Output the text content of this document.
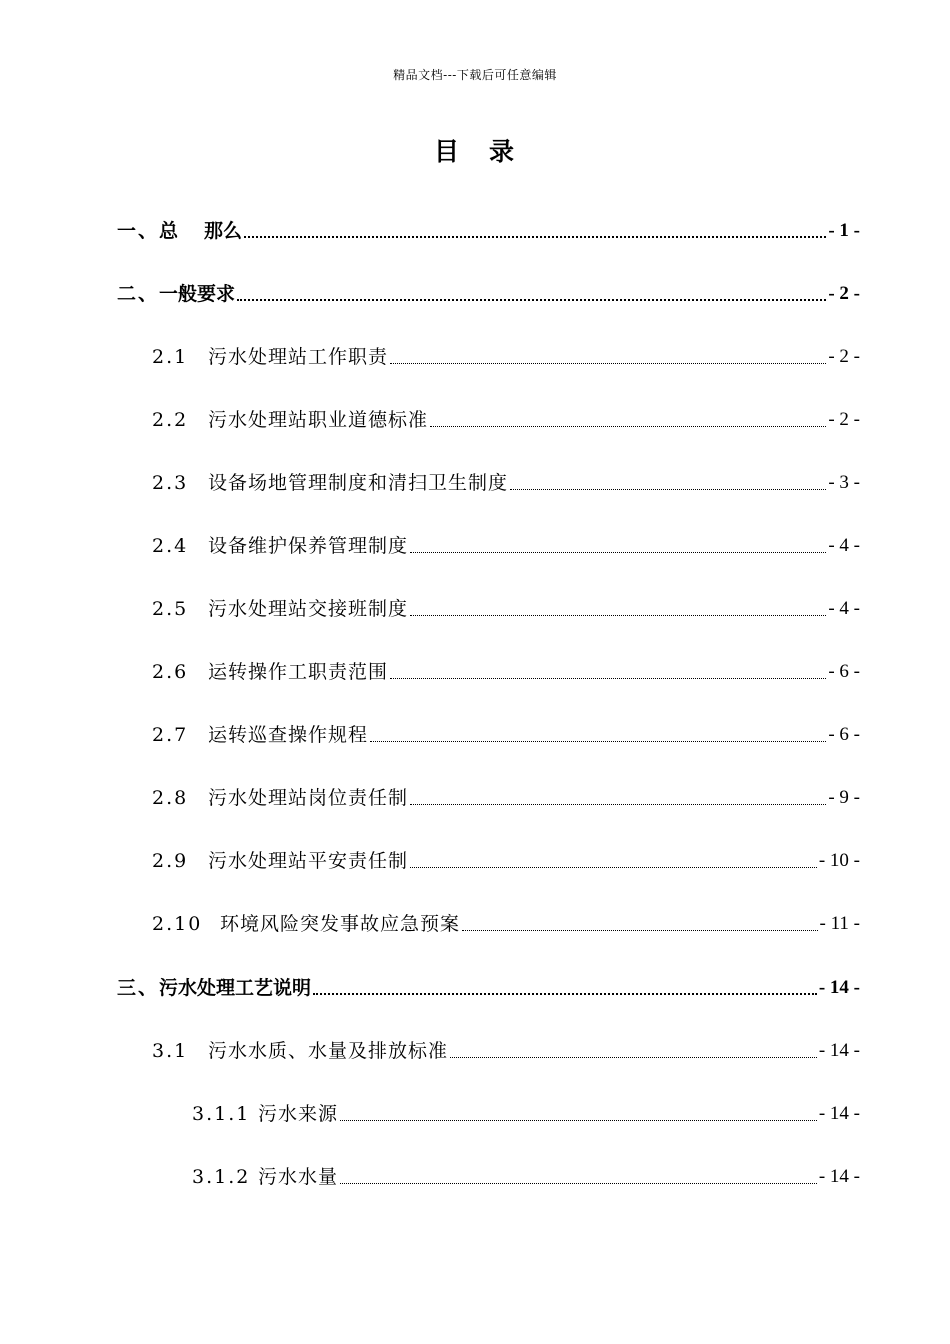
精品文档---下载后可任意编辑
目 录
一、 总 那么	- 1 -
二、 一般要求	- 2 -
2.1	污水处理站工作职责	- 2 -
2.2	污水处理站职业道德标准	- 2 -
2.3	设备场地管理制度和清扫卫生制度	- 3 -
2.4	设备维护保养管理制度	- 4 -
2.5	污水处理站交接班制度	- 4 -
2.6	运转操作工职责范围	- 6 -
2.7	运转巡查操作规程	- 6 -
2.8	污水处理站岗位责任制	- 9 -
2.9	污水处理站平安责任制	- 10 -
2.10 环境风险突发事故应急预案	- 11 -
三、 污水处理工艺说明	- 14 -
3.1	污水水质、水量及排放标准	- 14 -
3.1.1 污水来源	- 14 -
3.1.2 污水水量	- 14 -
